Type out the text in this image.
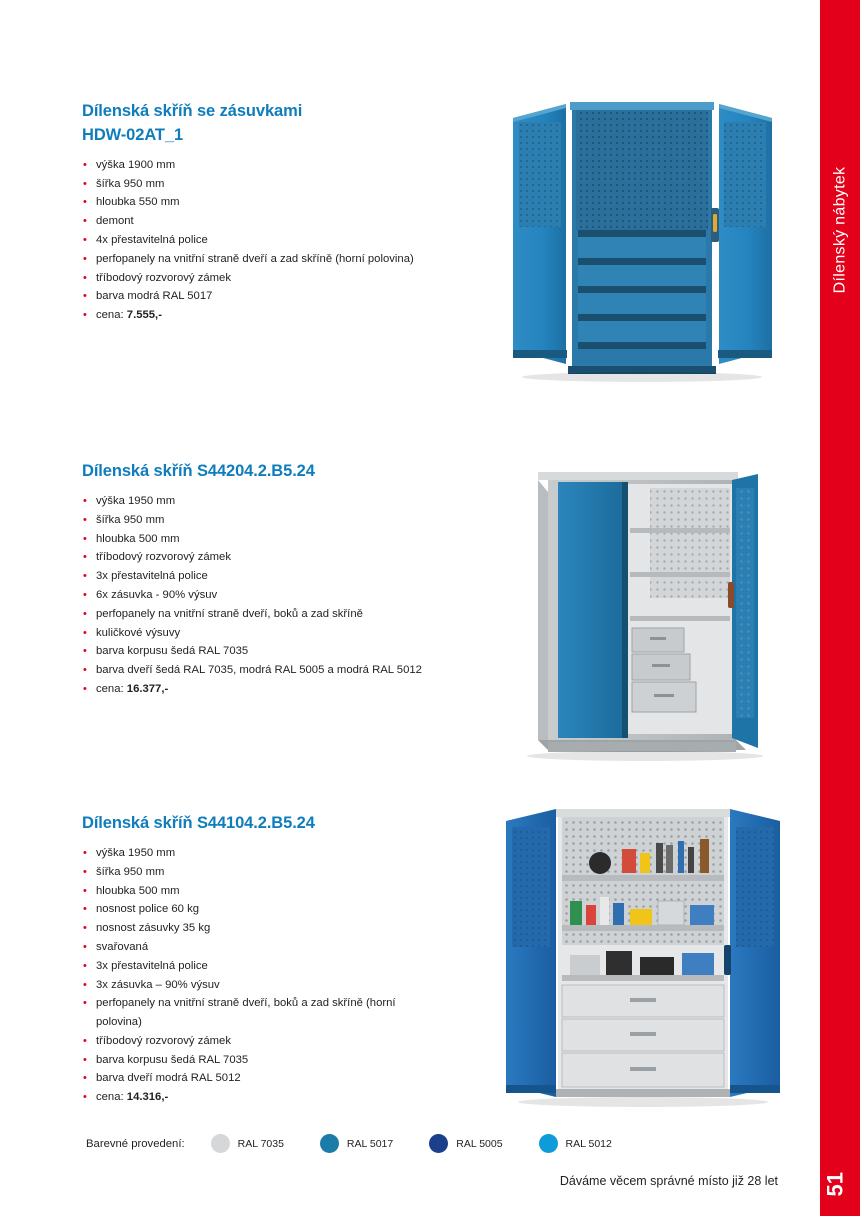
Dílenská skříň se zásuvkami
HDW-02AT_1
• výška 1900 mm
• šířka 950 mm
• hloubka 550 mm
• demont
• 4x přestavitelná police
• perfopanely na vnitřní straně dveří a zad skříně (horní polovina)
• tříbodový rozvorový zámek
• barva modrá RAL 5017
• cena: 7.555,-
Dílenská skříň S44204.2.B5.24
• výška 1950 mm
• šířka 950 mm
• hloubka 500 mm
• tříbodový rozvorový zámek
• 3x přestavitelná police
• 6x zásuvka - 90% výsuv
• perfopanely na vnitřní straně dveří, boků a zad skříně
• kuličkové výsuvy
• barva korpusu šedá RAL 7035
• barva dveří šedá RAL 7035, modrá RAL 5005 a modrá RAL 5012
• cena: 16.377,-
Dílenská skříň S44104.2.B5.24
• výška 1950 mm
• šířka 950 mm
• hloubka 500 mm
• nosnost police 60 kg
• nosnost zásuvky 35 kg
• svařovaná
• 3x přestavitelná police
• 3x zásuvka – 90% výsuv
• perfopanely na vnitřní straně dveří, boků a zad skříně (horní polovina)
• tříbodový rozvorový zámek
• barva korpusu šedá RAL 7035
• barva dveří modrá RAL 5012
• cena: 14.316,-
Barevné provedení:	RAL 7035	RAL 5017	RAL 5005	RAL 5012
Dáváme věcem správné místo již 28 let
Dílenský nábytek
51
